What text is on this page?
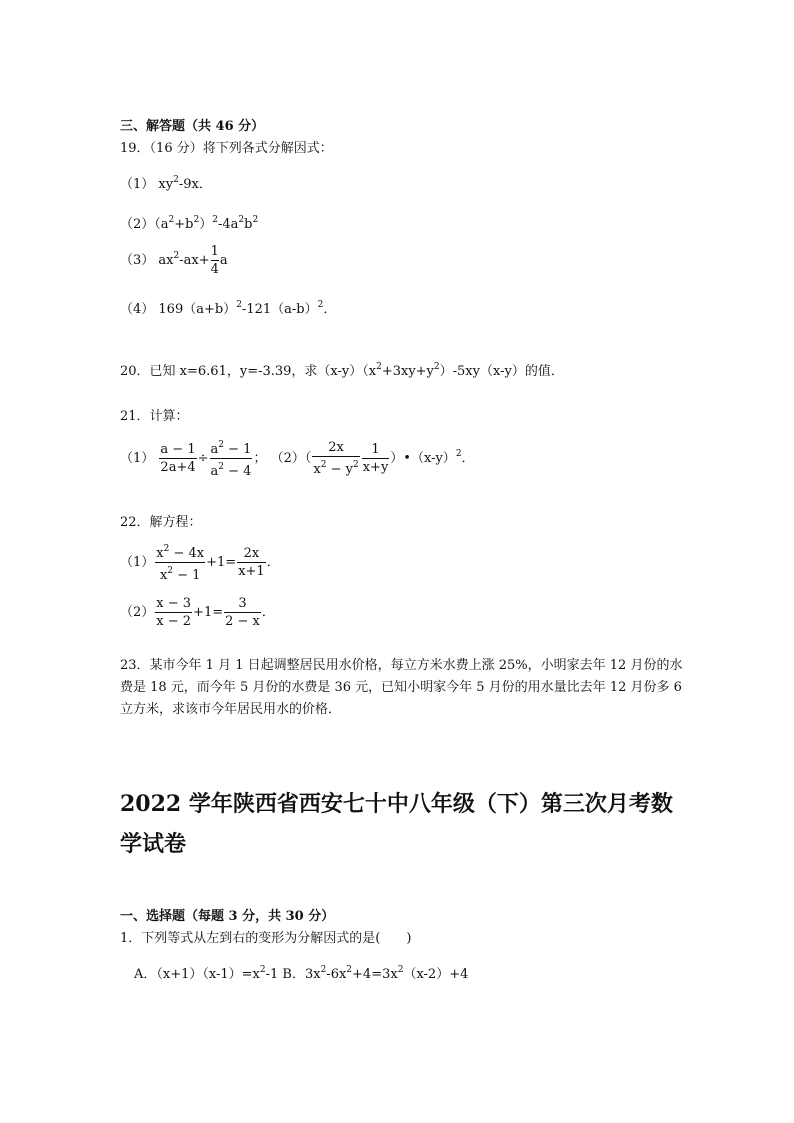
三、解答题（共 46 分）
19．（16 分）将下列各式分解因式：
（1） $xy^2-9x$．
$(2)(a^2+b^2)^2-4a^2b^2$
（3） $ax^2-ax+ \frac{1}{4}$ a
（4） $169(a+b)^2-121(a-b)^2$．
20．已知 x=6.61，y=-3.39，求$(x-y)(x^2+3xy+y^2)-5xy(x-y)$的值．
21．计算：
$(1) \frac{a - 1}{2a+4} \div \frac{a^2 - 1}{a^2 - 4}$ ； $(2)( \frac{2x}{x^2 - y^2} \frac{1}{x+y}$ ）$•(x-y)^2$．
22．解方程：
$(1) \frac{x^2 - 4x}{x^2 - 1} +1= \frac{2x}{x+1}$ ．
$(2) \frac{x - 3}{x - 2} +1= \frac{3}{2 - x}$ ．
23．某市今年 1 月 1 日起调整居民用水价格，每立方米水费上涨 25%，小明家去年 12 月份的水费是 18 元，而今年 5 月份的水费是 36 元，已知小明家今年 5 月份的用水量比去年 12 月份多 6 立方米，求该市今年居民用水的价格．
2022 学年陕西省西安七十中八年级（下）第三次月考数学试卷
一、选择题（每题 3 分，共 30 分）
1．下列等式从左到右的变形为分解因式的是(　　)
A．$(x+1)(x-1)=x^2-1$ B．$3x^2-6x^2+4=3x^2(x-2)+4$
